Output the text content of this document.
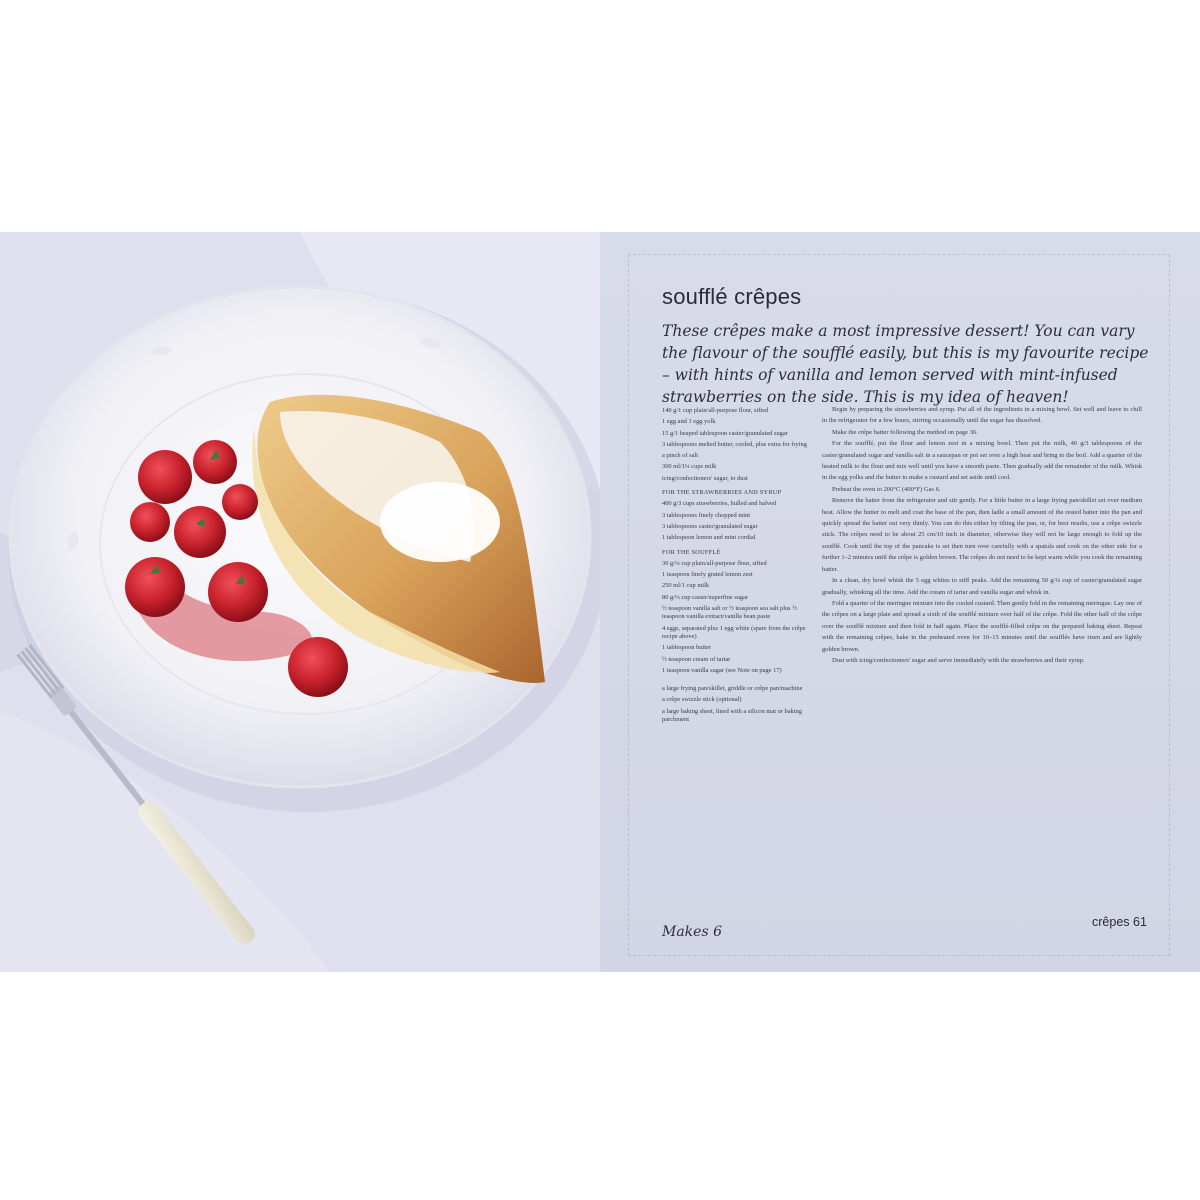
soufflé crêpes
These crêpes make a most impressive dessert! You can vary the flavour of the soufflé easily, but this is my favourite recipe – with hints of vanilla and lemon served with mint-infused strawberries on the side. This is my idea of heaven!
140 g/1 cup plain/all-purpose flour, sifted
1 egg and 1 egg yolk
15 g/1 heaped tablespoon caster/granulated sugar
3 tablespoons melted butter, cooled, plus extra for frying
a pinch of salt
300 ml/1¼ cups milk
icing/confectioners' sugar, to dust
FOR THE STRAWBERRIES AND SYRUP
400 g/3 cups strawberries, hulled and halved
3 tablespoons finely chopped mint
3 tablespoons caster/granulated sugar
1 tablespoon lemon and mint cordial
FOR THE SOUFFLÉ
30 g/¼ cup plain/all-purpose flour, sifted
1 teaspoon finely grated lemon zest
250 ml/1 cup milk
80 g/⅓ cup caster/superfine sugar
½ teaspoon vanilla salt or ½ teaspoon sea salt plus ½ teaspoon vanilla extract/vanilla bean paste
4 eggs, separated plus 1 egg white (spare from the crêpe recipe above)
1 tablespoon butter
½ teaspoon cream of tartar
1 teaspoon vanilla sugar (see Note on page 17)
a large frying pan/skillet, griddle or crêpe pan/machine
a crêpe swizzle stick (optional)
a large baking sheet, lined with a silicon mat or baking parchment

Begin by preparing the strawberries and syrup. Put all of the ingredients in a mixing bowl. Set well and leave to chill in the refrigerator for a few hours, stirring occasionally until the sugar has dissolved.

Make the crêpe batter following the method on page 36.

For the soufflé, put the flour and lemon zest in a mixing bowl. Then put the milk, 40 g/3 tablespoons of the caster/granulated sugar and vanilla salt in a saucepan or pot set over a high heat and bring to the boil. Add a quarter of the heated milk to the flour and mix well until you have a smooth paste. Then gradually add the remainder of the milk. Whisk in the egg yolks and the butter to make a custard and set aside until cool.

Preheat the oven to 200°C (400°F) Gas 6.

Remove the batter from the refrigerator and stir gently. For a little butter in a large frying pan/skillet set over medium heat. Allow the butter to melt and coat the base of the pan, then ladle a small amount of the rested batter into the pan and quickly spread the batter out very thinly. You can do this either by tilting the pan, or, for best results, use a crêpe swizzle stick. The crêpes need to be about 25 cm/10 inch in diameter, otherwise they will not be large enough to fold up the soufflé. Cook until the top of the pancake is set then turn over carefully with a spatula and cook on the other side for a further 1–2 minutes until the crêpe is golden brown. The crêpes do not need to be kept warm while you cook the remaining batter.

In a clean, dry bowl whisk the 5 egg whites to stiff peaks. Add the remaining 50 g/¼ cup of caster/granulated sugar gradually, whisking all the time. Add the cream of tartar and vanilla sugar and whisk in.

Fold a quarter of the meringue mixture into the cooled custard. Then gently fold in the remaining meringue. Lay one of the crêpes on a large plate and spread a sixth of the soufflé mixture over half of the crêpe. Fold the other half of the crêpe over the soufflé mixture and then fold in half again. Place the soufflé-filled crêpe on the prepared baking sheet. Repeat with the remaining crêpes, bake in the preheated oven for 10–15 minutes until the soufflés have risen and are lightly golden brown.

Dust with icing/confectioners' sugar and serve immediately with the strawberries and their syrup.

Makes 6
crêpes 61
